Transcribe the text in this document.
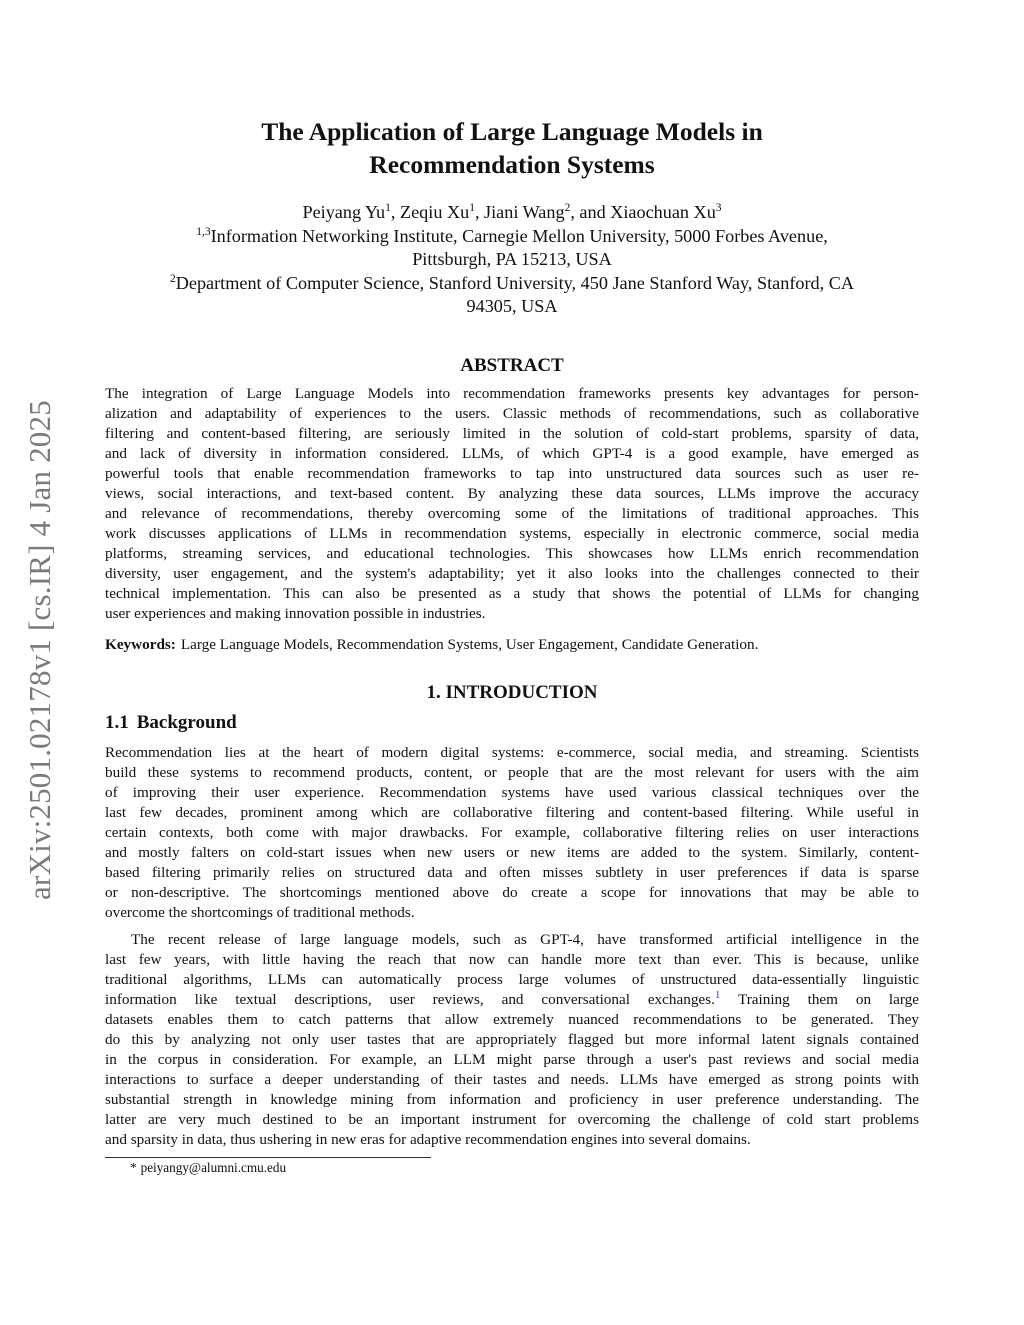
arXiv:2501.02178v1 [cs.IR] 4 Jan 2025
The Application of Large Language Models in
Recommendation Systems
Peiyang Yu$^1$, Zeqiu Xu$^1$, Jiani Wang$^2$, and Xiaochuan Xu$^3$
$^{1,3}$Information Networking Institute, Carnegie Mellon University, 5000 Forbes Avenue,
Pittsburgh, PA 15213, USA
$^2$Department of Computer Science, Stanford University, 450 Jane Stanford Way, Stanford, CA
94305, USA
ABSTRACT
The integration of Large Language Models into recommendation frameworks presents key advantages for person-
alization and adaptability of experiences to the users. Classic methods of recommendations, such as collaborative
filtering and content-based filtering, are seriously limited in the solution of cold-start problems, sparsity of data,
and lack of diversity in information considered. LLMs, of which GPT-4 is a good example, have emerged as
powerful tools that enable recommendation frameworks to tap into unstructured data sources such as user re-
views, social interactions, and text-based content. By analyzing these data sources, LLMs improve the accuracy
and relevance of recommendations, thereby overcoming some of the limitations of traditional approaches. This
work discusses applications of LLMs in recommendation systems, especially in electronic commerce, social media
platforms, streaming services, and educational technologies. This showcases how LLMs enrich recommendation
diversity, user engagement, and the system's adaptability; yet it also looks into the challenges connected to their
technical implementation. This can also be presented as a study that shows the potential of LLMs for changing
user experiences and making innovation possible in industries.
Keywords: Large Language Models, Recommendation Systems, User Engagement, Candidate Generation.
1. INTRODUCTION
1.1 Background
Recommendation lies at the heart of modern digital systems: e-commerce, social media, and streaming. Scientists
build these systems to recommend products, content, or people that are the most relevant for users with the aim
of improving their user experience. Recommendation systems have used various classical techniques over the
last few decades, prominent among which are collaborative filtering and content-based filtering. While useful in
certain contexts, both come with major drawbacks. For example, collaborative filtering relies on user interactions
and mostly falters on cold-start issues when new users or new items are added to the system. Similarly, content-
based filtering primarily relies on structured data and often misses subtlety in user preferences if data is sparse
or non-descriptive. The shortcomings mentioned above do create a scope for innovations that may be able to
overcome the shortcomings of traditional methods.
The recent release of large language models, such as GPT-4, have transformed artificial intelligence in the
last few years, with little having the reach that now can handle more text than ever. This is because, unlike
traditional algorithms, LLMs can automatically process large volumes of unstructured data-essentially linguistic
information like textual descriptions, user reviews, and conversational exchanges.$^1$ Training them on large
datasets enables them to catch patterns that allow extremely nuanced recommendations to be generated. They
do this by analyzing not only user tastes that are appropriately flagged but more informal latent signals contained
in the corpus in consideration. For example, an LLM might parse through a user's past reviews and social media
interactions to surface a deeper understanding of their tastes and needs. LLMs have emerged as strong points with
substantial strength in knowledge mining from information and proficiency in user preference understanding. The
latter are very much destined to be an important instrument for overcoming the challenge of cold start problems
and sparsity in data, thus ushering in new eras for adaptive recommendation engines into several domains.
* peiyangy@alumni.cmu.edu
